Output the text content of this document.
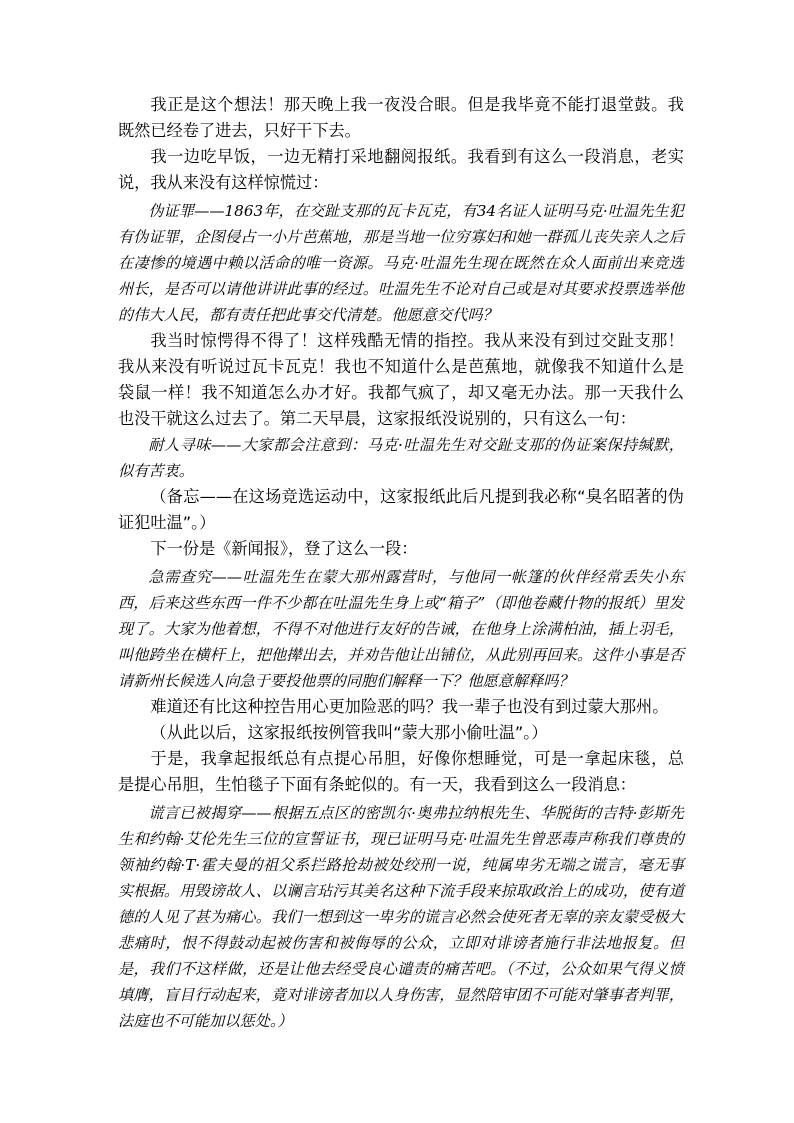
我正是这个想法！那天晚上我一夜没合眼。但是我毕竟不能打退堂鼓。我既然已经卷了进去，只好干下去。

我一边吃早饭，一边无精打采地翻阅报纸。我看到有这么一段消息，老实说，我从来没有这样惊慌过：

伪证罪——1863年，在交趾支那的瓦卡瓦克，有34名证人证明马克·吐温先生犯有伪证罪，企图侵占一小片芭蕉地，那是当地一位穷寡妇和她一群孤儿丧失亲人之后在凄惨的境遇中赖以活命的唯一资源。马克·吐温先生现在既然在众人面前出来竞选州长，是否可以请他讲讲此事的经过。吐温先生不论对自己或是对其要求投票选举他的伟大人民，都有责任把此事交代清楚。他愿意交代吗？

我当时惊愕得不得了！这样残酷无情的指控。我从来没有到过交趾支那！我从来没有听说过瓦卡瓦克！我也不知道什么是芭蕉地，就像我不知道什么是袋鼠一样！我不知道怎么办才好。我都气疯了，却又毫无办法。那一天我什么也没干就这么过去了。第二天早晨，这家报纸没说别的，只有这么一句：

耐人寻味——大家都会注意到：马克·吐温先生对交趾支那的伪证案保持缄默，似有苦衷。

（备忘——在这场竞选运动中，这家报纸此后凡提到我必称“臭名昭著的伪证犯吐温”。）

下一份是《新闻报》，登了这么一段：

急需查究——吐温先生在蒙大那州露营时，与他同一帐篷的伙伴经常丢失小东西，后来这些东西一件不少都在吐温先生身上或“箱子”（即他卷藏什物的报纸）里发现了。大家为他着想，不得不对他进行友好的告诫，在他身上涂满柏油，插上羽毛，叫他跨坐在横杆上，把他撵出去，并劝告他让出铺位，从此别再回来。这件小事是否请新州长候选人向急于要投他票的同胞们解释一下？他愿意解释吗？

难道还有比这种控告用心更加险恶的吗？我一辈子也没有到过蒙大那州。

（从此以后，这家报纸按例管我叫“蒙大那小偷吐温”。）

于是，我拿起报纸总有点提心吊胆，好像你想睡觉，可是一拿起床毯，总是提心吊胆，生怕毯子下面有条蛇似的。有一天，我看到这么一段消息：

谎言已被揭穿——根据五点区的密凯尔·奥弗拉纳根先生、华脱街的吉特·彭斯先生和约翰·艾伦先生三位的宣誓证书，现已证明马克·吐温先生曾恶毒声称我们尊贵的领袖约翰·T·霍夫曼的祖父系拦路抢劫被处绞刑一说，纯属卑劣无端之谎言，毫无事实根据。用毁谤故人、以谰言玷污其美名这种下流手段来掠取政治上的成功，使有道德的人见了甚为痛心。我们一想到这一卑劣的谎言必然会使死者无辜的亲友蒙受极大悲痛时，恨不得鼓动起被伤害和被侮辱的公众，立即对诽谤者施行非法地报复。但是，我们不这样做，还是让他去经受良心谴责的痛苦吧。（不过，公众如果气得义愤填膺，盲目行动起来，竟对诽谤者加以人身伤害，显然陪审团不可能对肇事者判罪，法庭也不可能加以惩处。）
